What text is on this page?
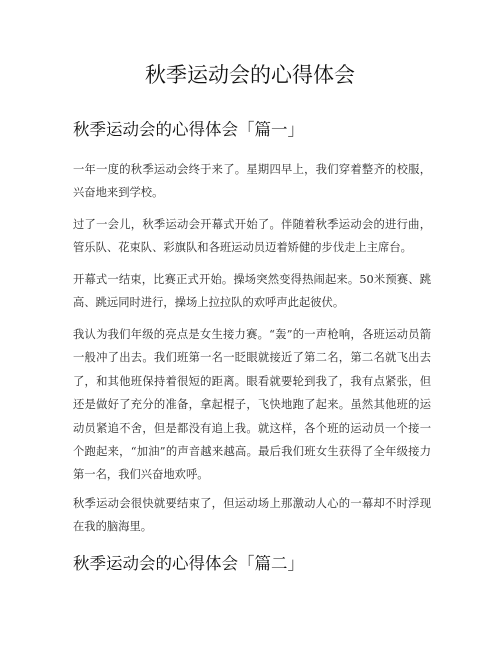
秋季运动会的心得体会
秋季运动会的心得体会「篇一」

一年一度的秋季运动会终于来了。星期四早上，我们穿着整齐的校服，兴奋地来到学校。

过了一会儿，秋季运动会开幕式开始了。伴随着秋季运动会的进行曲，管乐队、花束队、彩旗队和各班运动员迈着矫健的步伐走上主席台。

开幕式一结束，比赛正式开始。操场突然变得热闹起来。50米预赛、跳高、跳远同时进行，操场上拉拉队的欢呼声此起彼伏。

我认为我们年级的亮点是女生接力赛。“轰”的一声枪响，各班运动员箭一般冲了出去。我们班第一名一眨眼就接近了第二名，第二名就飞出去了，和其他班保持着很短的距离。眼看就要轮到我了，我有点紧张，但还是做好了充分的准备，拿起棍子，飞快地跑了起来。虽然其他班的运动员紧追不舍，但是都没有追上我。就这样，各个班的运动员一个接一个跑起来，“加油”的声音越来越高。最后我们班女生获得了全年级接力第一名，我们兴奋地欢呼。

秋季运动会很快就要结束了，但运动场上那激动人心的一幕却不时浮现在我的脑海里。

秋季运动会的心得体会「篇二」
